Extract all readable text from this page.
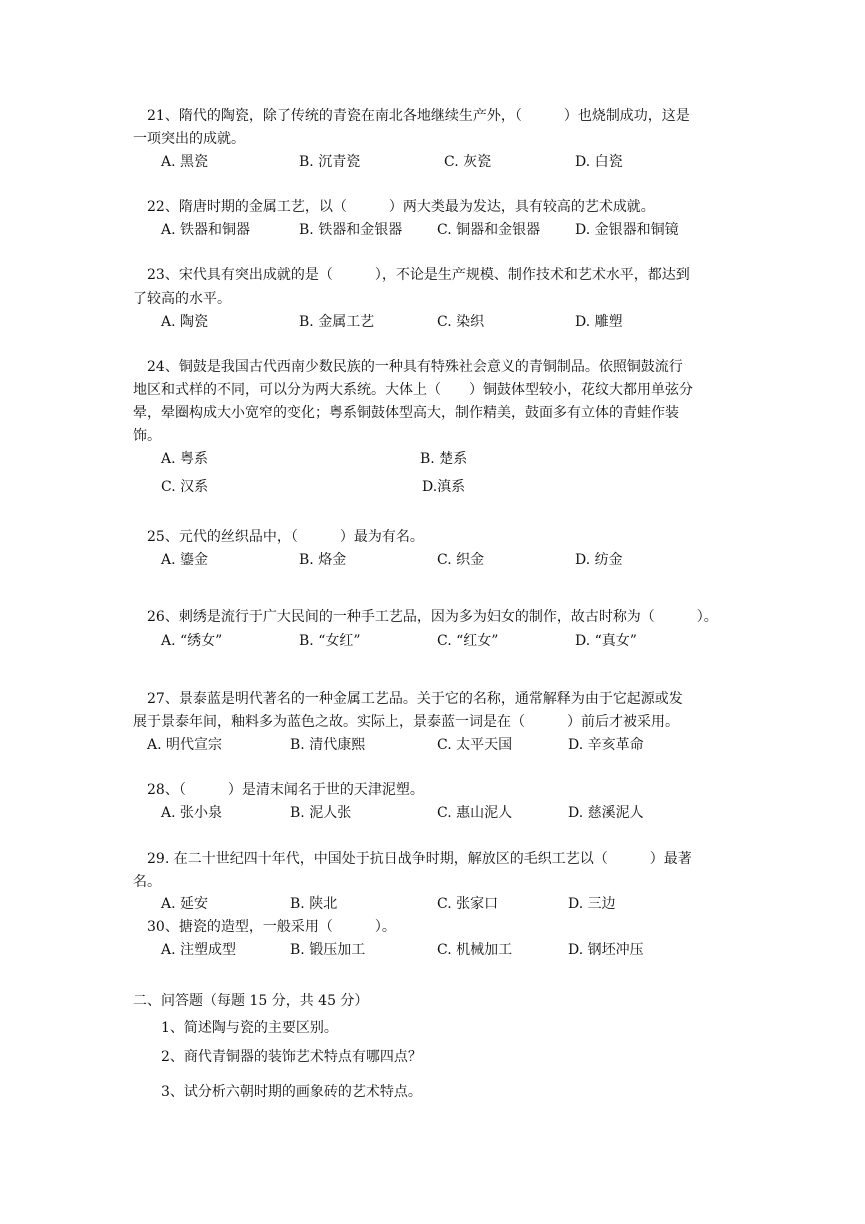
21、隋代的陶瓷，除了传统的青瓷在南北各地继续生产外，（　　　）也烧制成功，这是
一项突出的成就。
A. 黑瓷	B. 沉青瓷	C. 灰瓷	D. 白瓷
22、隋唐时期的金属工艺，以（　　　）两大类最为发达，具有较高的艺术成就。
A. 铁器和铜器	B. 铁器和金银器 C. 铜器和金银器 D. 金银器和铜镜
23、宋代具有突出成就的是（　　　），不论是生产规模、制作技术和艺术水平，都达到
了较高的水平。
A. 陶瓷	B. 金属工艺	C. 染织	D. 雕塑
24、铜鼓是我国古代西南少数民族的一种具有特殊社会意义的青铜制品。依照铜鼓流行
地区和式样的不同，可以分为两大系统。大体上（　　）铜鼓体型较小，花纹大都用单弦分
晕，晕圈构成大小宽窄的变化；粤系铜鼓体型高大，制作精美，鼓面多有立体的青蛙作装
饰。
A. 粤系	B. 楚系
C. 汉系	D.滇系
25、元代的丝织品中，（　　　）最为有名。
A. 鎏金	B. 烙金	C. 织金	D. 纺金
26、刺绣是流行于广大民间的一种手工艺品，因为多为妇女的制作，故古时称为（　　　）。
A. “绣女”	B. “女红”	C. “红女”	D. “真女”
27、景泰蓝是明代著名的一种金属工艺品。关于它的名称，通常解释为由于它起源或发
展于景泰年间，釉料多为蓝色之故。实际上，景泰蓝一词是在（　　　）前后才被采用。
A. 明代宣宗	B. 清代康熙	C. 太平天国	D. 辛亥革命
28、（　　　）是清末闻名于世的天津泥塑。
A. 张小泉	B. 泥人张	C. 惠山泥人	D. 慈溪泥人
29. 在二十世纪四十年代，中国处于抗日战争时期，解放区的毛织工艺以（　　　）最著
名。
A. 延安	B. 陕北	C. 张家口	D. 三边
30、搪瓷的造型，一般采用（　　　）。
A. 注塑成型	B. 锻压加工	C. 机械加工	D. 钢坯冲压
二、问答题（每题 15 分，共 45 分）
1、简述陶与瓷的主要区别。
2、商代青铜器的装饰艺术特点有哪四点？
3、试分析六朝时期的画象砖的艺术特点。
